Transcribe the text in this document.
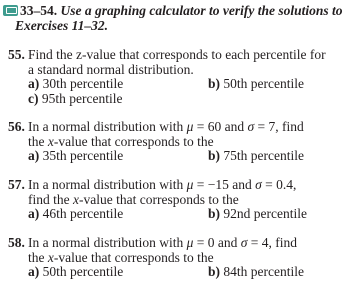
33–54. Use a graphing calculator to verify the solutions to
Exercises 11–32.
55. Find the z-value that corresponds to each percentile for
a standard normal distribution.
a) 30th percentile	b) 50th percentile
c) 95th percentile
56. In a normal distribution with μ = 60 and σ = 7, find
the x-value that corresponds to the
a) 35th percentile	b) 75th percentile
57. In a normal distribution with μ = −15 and σ = 0.4,
find the x-value that corresponds to the
a) 46th percentile	b) 92nd percentile
58. In a normal distribution with μ = 0 and σ = 4, find
the x-value that corresponds to the
a) 50th percentile	b) 84th percentile
